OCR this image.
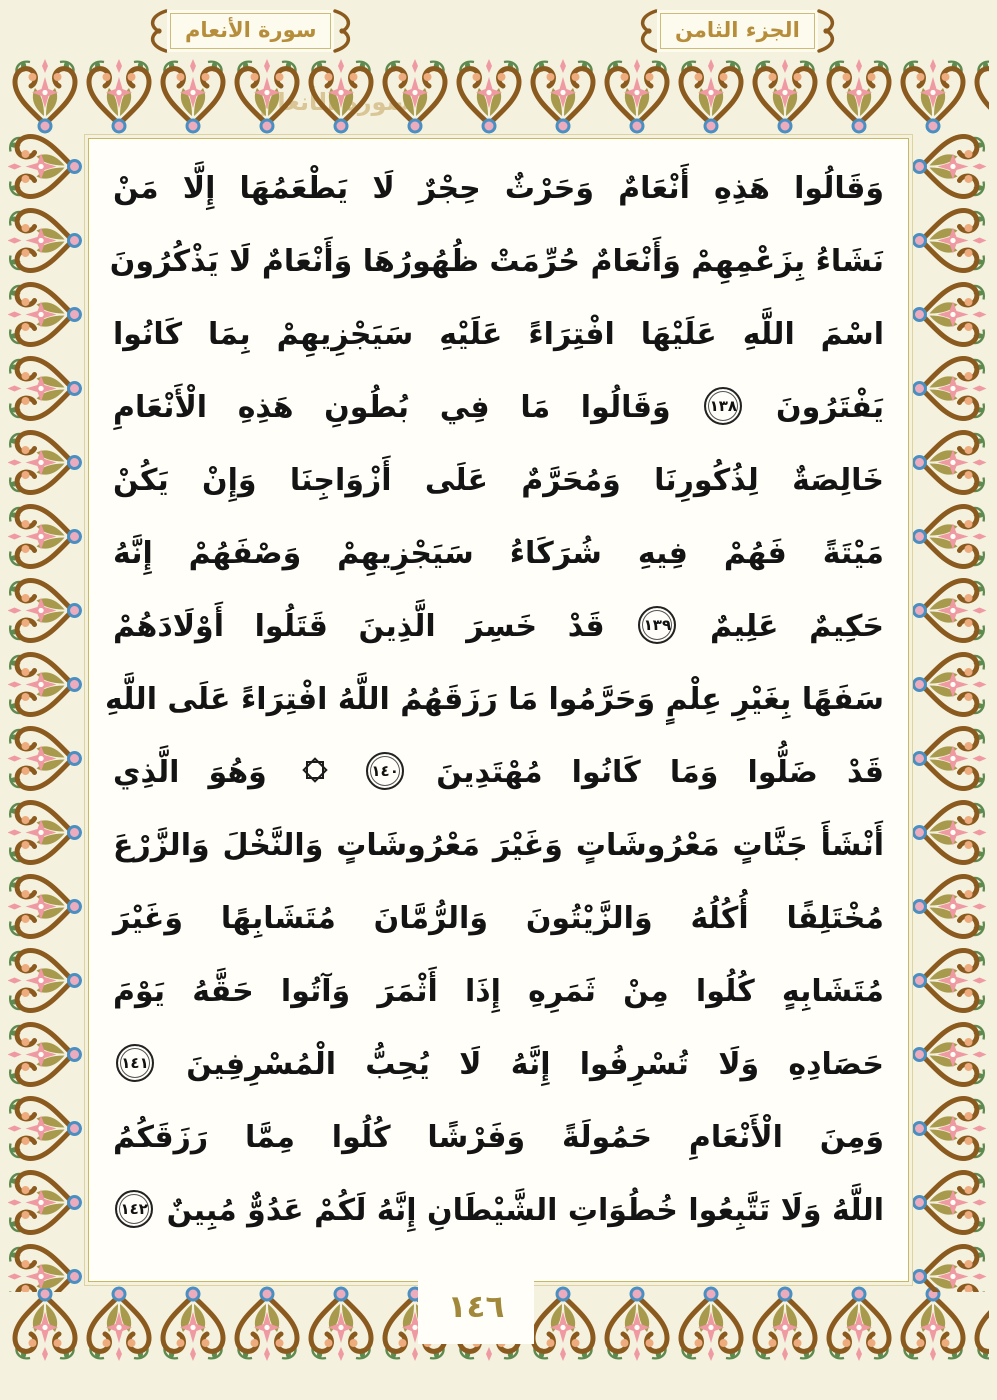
سورة الأنعام	الجزء الثامن
وَقَالُوا هَذِهِ أَنْعَامٌ وَحَرْثٌ حِجْرٌ لَا يَطْعَمُهَا إِلَّا مَنْ
نَشَاءُ بِزَعْمِهِمْ وَأَنْعَامٌ حُرِّمَتْ ظُهُورُهَا وَأَنْعَامٌ لَا يَذْكُرُونَ
اسْمَ اللَّهِ عَلَيْهَا افْتِرَاءً عَلَيْهِ سَيَجْزِيهِمْ بِمَا كَانُوا
يَفْتَرُونَ ١٣٨ وَقَالُوا مَا فِي بُطُونِ هَذِهِ الْأَنْعَامِ
خَالِصَةٌ لِذُكُورِنَا وَمُحَرَّمٌ عَلَى أَزْوَاجِنَا وَإِنْ يَكُنْ
مَيْتَةً فَهُمْ فِيهِ شُرَكَاءُ سَيَجْزِيهِمْ وَصْفَهُمْ إِنَّهُ
حَكِيمٌ عَلِيمٌ ١٣٩ قَدْ خَسِرَ الَّذِينَ قَتَلُوا أَوْلَادَهُمْ
سَفَهًا بِغَيْرِ عِلْمٍ وَحَرَّمُوا مَا رَزَقَهُمُ اللَّهُ افْتِرَاءً عَلَى اللَّهِ
قَدْ ضَلُّوا وَمَا كَانُوا مُهْتَدِينَ ١٤٠  وَهُوَ الَّذِي
أَنْشَأَ جَنَّاتٍ مَعْرُوشَاتٍ وَغَيْرَ مَعْرُوشَاتٍ وَالنَّخْلَ وَالزَّرْعَ
مُخْتَلِفًا أُكُلُهُ وَالزَّيْتُونَ وَالرُّمَّانَ مُتَشَابِهًا وَغَيْرَ
مُتَشَابِهٍ كُلُوا مِنْ ثَمَرِهِ إِذَا أَثْمَرَ وَآتُوا حَقَّهُ يَوْمَ
حَصَادِهِ وَلَا تُسْرِفُوا إِنَّهُ لَا يُحِبُّ الْمُسْرِفِينَ ١٤١
وَمِنَ الْأَنْعَامِ حَمُولَةً وَفَرْشًا كُلُوا مِمَّا رَزَقَكُمُ
اللَّهُ وَلَا تَتَّبِعُوا خُطُوَاتِ الشَّيْطَانِ إِنَّهُ لَكُمْ عَدُوٌّ مُبِينٌ ١٤٢
١٤٦
